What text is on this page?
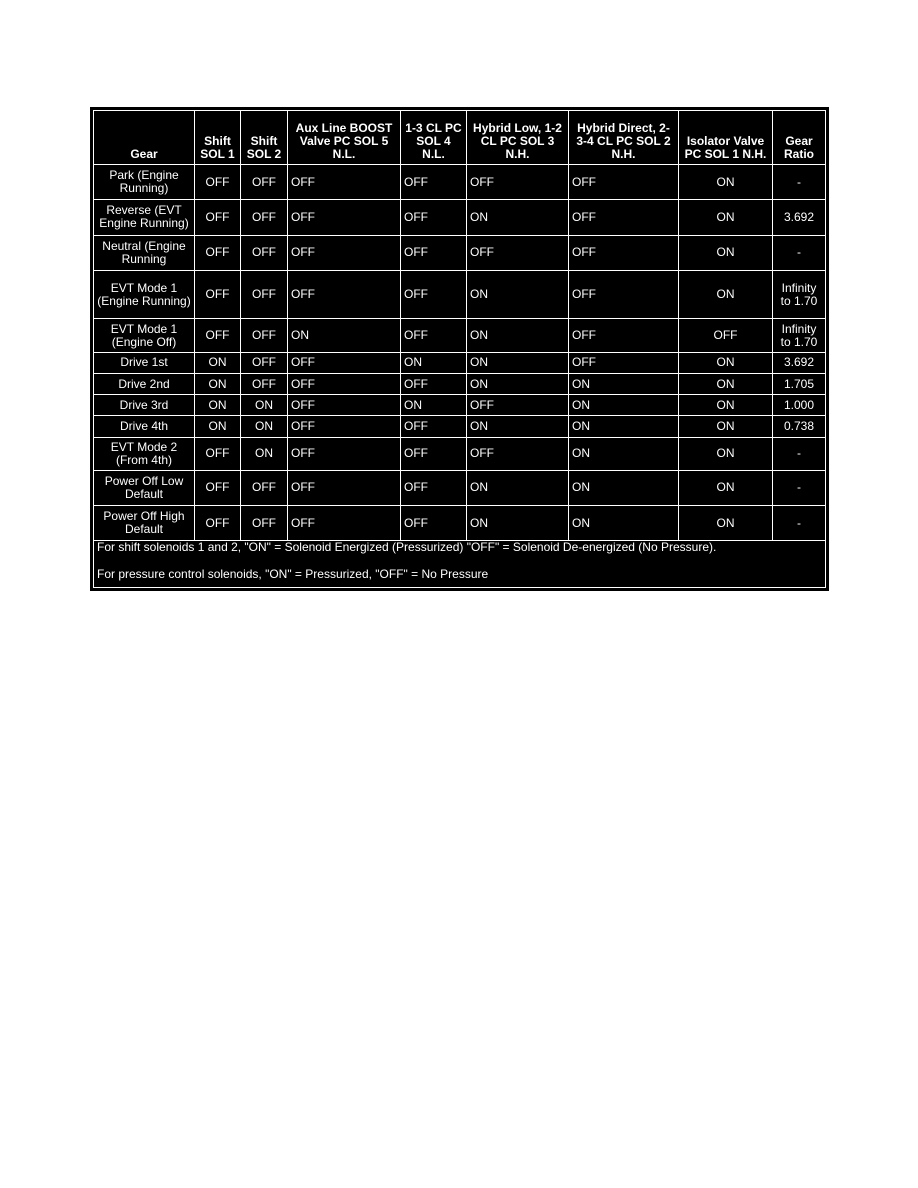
Gear	Shift SOL 1	Shift SOL 2	Aux Line BOOST Valve PC SOL 5 N.L.	1-3 CL PC SOL 4 N.L.	Hybrid Low, 1-2 CL PC SOL 3 N.H.	Hybrid Direct, 2-3-4 CL PC SOL 2 N.H.	Isolator Valve PC SOL 1 N.H.	Gear Ratio
Park (Engine Running)	OFF	OFF	OFF	OFF	OFF	OFF	ON	-
Reverse (EVT Engine Running)	OFF	OFF	OFF	OFF	ON	OFF	ON	3.692
Neutral (Engine Running	OFF	OFF	OFF	OFF	OFF	OFF	ON	-
EVT Mode 1 (Engine Running)	OFF	OFF	OFF	OFF	ON	OFF	ON	Infinity to 1.70
EVT Mode 1 (Engine Off)	OFF	OFF	ON	OFF	ON	OFF	OFF	Infinity to 1.70
Drive 1st	ON	OFF	OFF	ON	ON	OFF	ON	3.692
Drive 2nd	ON	OFF	OFF	OFF	ON	ON	ON	1.705
Drive 3rd	ON	ON	OFF	ON	OFF	ON	ON	1.000
Drive 4th	ON	ON	OFF	OFF	ON	ON	ON	0.738
EVT Mode 2 (From 4th)	OFF	ON	OFF	OFF	OFF	ON	ON	-
Power Off Low Default	OFF	OFF	OFF	OFF	ON	ON	ON	-
Power Off High Default	OFF	OFF	OFF	OFF	ON	ON	ON	-

For shift solenoids 1 and 2, "ON" = Solenoid Energized (Pressurized) "OFF" = Solenoid De-energized (No Pressure).
For pressure control solenoids, "ON" = Pressurized, "OFF" = No Pressure								
